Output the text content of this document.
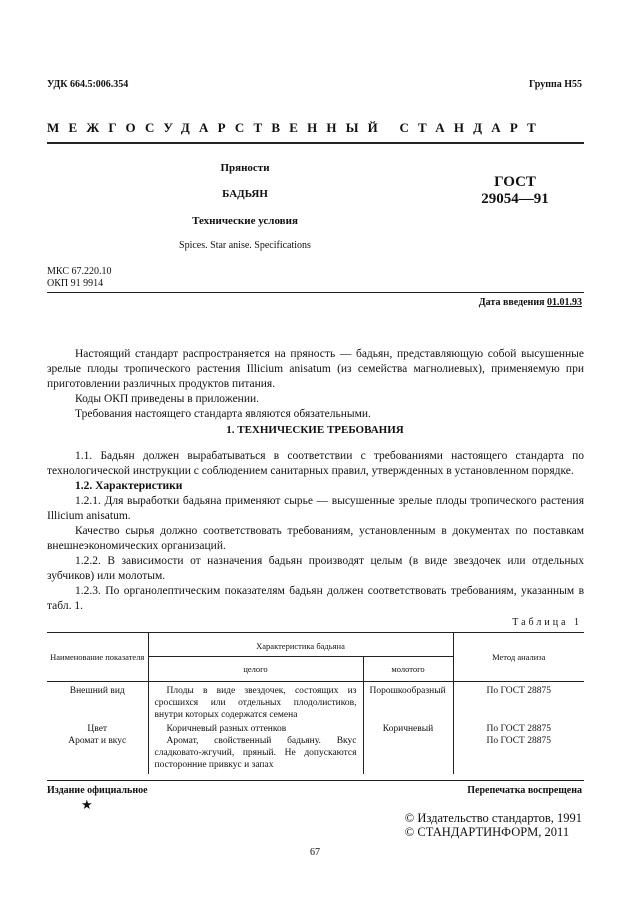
УДК 664.5:006.354	Группа Н55
МЕЖГОСУДАРСТВЕННЫЙ СТАНДАРТ
Пряности
БАДЬЯН
Технические условия
Spices. Star anise. Specifications
ГОСТ
29054—91
МКС 67.220.10
ОКП 91 9914
Дата введения 01.01.93
Настоящий стандарт распространяется на пряность — бадьян, представляющую собой высушенные зрелые плоды тропического растения Illicium anisatum (из семейства магнолиевых), применяемую при приготовлении различных продуктов питания.
Коды ОКП приведены в приложении.
Требования настоящего стандарта являются обязательными.
1. ТЕХНИЧЕСКИЕ ТРЕБОВАНИЯ
1.1. Бадьян должен вырабатываться в соответствии с требованиями настоящего стандарта по технологической инструкции с соблюдением санитарных правил, утвержденных в установленном порядке.
1.2. Характеристики
1.2.1. Для выработки бадьяна применяют сырье — высушенные зрелые плоды тропического растения Illicium anisatum.
Качество сырья должно соответствовать требованиям, установленным в документах по поставкам внешнеэкономических организаций.
1.2.2. В зависимости от назначения бадьян производят целым (в виде звездочек или отдельных зубчиков) или молотым.
1.2.3. По органолептическим показателям бадьян должен соответствовать требованиям, указанным в табл. 1.
Таблица 1
Наименование показателя	Характеристика бадьяна		Метод анализа
	целого	молотого	
Внешний вид	Плоды в виде звездочек, состоящих из сросшихся или отдельных плодолистиков, внутри которых содержатся семена	Порошкообразный	По ГОСТ 28875
Цвет	Коричневый разных оттенков	Коричневый	По ГОСТ 28875
Аромат и вкус	Аромат, свойственный бадьяну. Вкус сладковато-жгучий, пряный. Не допускаются посторонние привкус и запах		По ГОСТ 28875
Издание официальное
★
Перепечатка воспрещена
© Издательство стандартов, 1991
© СТАНДАРТИНФОРМ, 2011
67
